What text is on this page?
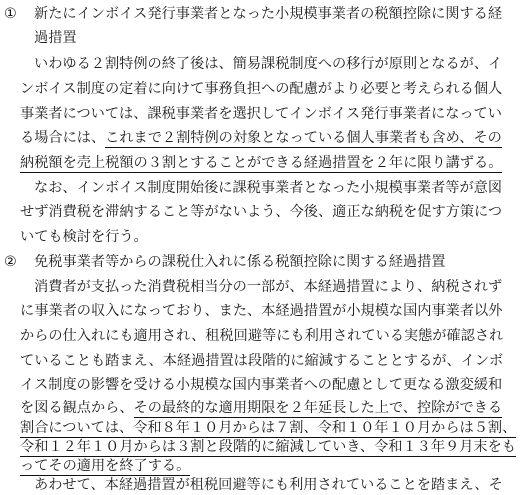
① 新たにインボイス発行事業者となった小規模事業者の税額控除に関する経
過措置
いわゆる２割特例の終了後は、簡易課税制度への移行が原則となるが、イ
ンボイス制度の定着に向けて事務負担への配慮がより必要と考えられる個人
事業者については、課税事業者を選択してインボイス発行事業者になってい
る場合には、これまで２割特例の対象となっている個人事業者も含め、その
納税額を売上税額の３割とすることができる経過措置を２年に限り講ずる。
なお、インボイス制度開始後に課税事業者となった小規模事業者等が意図
せず消費税を滞納すること等がないよう、今後、適正な納税を促す方策につ
いても検討を行う。
② 免税事業者等からの課税仕入れに係る税額控除に関する経過措置
消費者が支払った消費税相当分の一部が、本経過措置により、納税されず
に事業者の収入になっており、また、本経過措置が小規模な国内事業者以外
からの仕入れにも適用され、租税回避等にも利用されている実態が確認され
ていることも踏まえ、本経過措置は段階的に縮減することとするが、インボ
イス制度の影響を受ける小規模な国内事業者への配慮として更なる激変緩和
を図る観点から、その最終的な適用期限を２年延長した上で、控除ができる
割合については、令和８年１０月からは７割、令和１０年１０月からは５割、
令和１２年１０月からは３割と段階的に縮減していき、令和１３年９月末をも
ってその適用を終了する。
あわせて、本経過措置が租税回避等にも利用されていることを踏まえ、そ
